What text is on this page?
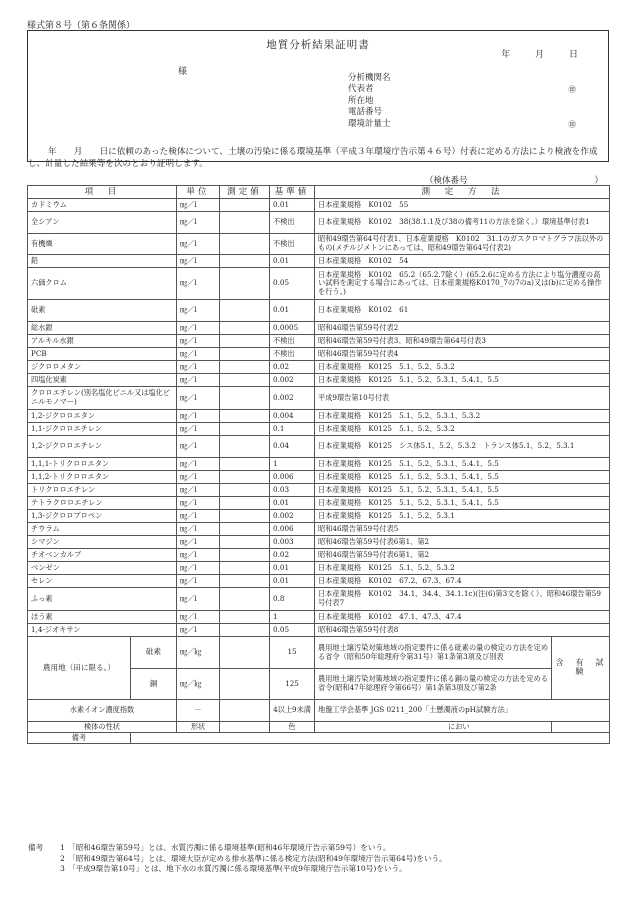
様式第８号（第６条関係）
地質分析結果証明書
年	月	日
様
分析機関名
代表者	㊞
所在地
電話番号
環境計量士	㊞
年　　月　　日に依頼のあった検体について、土壌の汚染に係る環境基準（平成３年環境庁告示第４６号）付表に定める方法により検液を作成し、計量した結果等を次のとおり証明します。
（検体番号	）
項　目		単位	測定値	基準値	測　定　方　法	
カドミウム		㎎／l		0.01	日本産業規格　K0102　55	
全シアン		㎎／l		不検出	日本産業規格　K0102　38(38.1.1及び38の備考11の方法を除く。）環境基準付表1	
有機燐		㎎／l		不検出	昭和49環告第64号付表1、日本産業規格　K0102　31.1のガスクロマトグラフ法以外のもの(メチルジメトンにあっては、昭和49環告第64号付表2)	
鉛		㎎／l		0.01	日本産業規格　K0102　54	
六価クロム		㎎／l		0.05	日本産業規格　K0102　65.2（65.2.7除く）(65.2.6に定める方法により塩分濃度の高い試料を測定する場合にあっては、日本産業規格K0170_7の7のa)又は(b)に定める操作を行う。)	
砒素		㎎／l		0.01	日本産業規格　K0102　61	
総水銀		㎎／l		0.0005	昭和46環告第59号付表2	
アルキル水銀		㎎／l		不検出	昭和46環告第59号付表3、昭和49環告第64号付表3	
PCB		㎎／l		不検出	昭和46環告第59号付表4	
ジクロロメタン		㎎／l		0.02	日本産業規格　K0125　5.1、5.2、5.3.2	
四塩化炭素		㎎／l		0.002	日本産業規格　K0125　5.1、5.2、5.3.1、5.4.1、5.5	
クロロエチレン(別名塩化ビニル又は塩化ビニルモノマー)		㎎／l		0.002	平成9環告第10号付表	
1,2-ジクロロエタン		㎎／l		0.004	日本産業規格　K0125　5.1、5.2、5.3.1、5.3.2	
1,1-ジクロロエチレン		㎎／l		0.1	日本産業規格　K0125　5.1、5.2、5.3.2	
1,2-ジクロロエチレン		㎎／l		0.04	日本産業規格　K0125　シス体5.1、5.2、5.3.2　トランス体5.1、5.2、5.3.1	
1,1,1-トリクロロエタン		㎎／l		1	日本産業規格　K0125　5.1、5.2、5.3.1、5.4.1、5.5	
1,1,2-トリクロロエタン		㎎／l		0.006	日本産業規格　K0125　5.1、5.2、5.3.1、5.4.1、5.5	
トリクロロエチレン		㎎／l		0.03	日本産業規格　K0125　5.1、5.2、5.3.1、5.4.1、5.5	
テトラクロロエチレン		㎎／l		0.01	日本産業規格　K0125　5.1、5.2、5.3.1、5.4.1、5.5	
1,3-ジクロロプロペン		㎎／l		0.002	日本産業規格　K0125　5.1、5.2、5.3.1	
チウラム		㎎／l		0.006	昭和46環告第59号付表5	
シマジン		㎎／l		0.003	昭和46環告第59号付表6第1、第2	
チオベンカルブ		㎎／l		0.02	昭和46環告第59号付表6第1、第2	
ベンゼン		㎎／l		0.01	日本産業規格　K0125　5.1、5.2、5.3.2	
セレン		㎎／l		0.01	日本産業規格　K0102　67.2、67.3、67.4	
ふっ素		㎎／l		0.8	日本産業規格　K0102　34.1、34.4、34.1.1c)(注(6)第3文を除く）、昭和46環告第59号付表7	
ほう素		㎎／l		1	日本産業規格　K0102　47.1、47.3、47.4	
1,4-ジオキサン		㎎／l		0.05	昭和46環告第59号付表8	
農用地（田に限る。）	砒素	㎎／㎏		15	農用地土壌汚染対策地域の指定要件に係る砒素の量の検定の方法を定める省令（昭和50年総理府令第31号）第1条第3項及び別表	含　有　試　験
	銅	㎎／㎏		125	農用地土壌汚染対策地域の指定要件に係る銅の量の検定の方法を定める省令(昭和47年総理府令第66号）第1条第3項及び第2条	
水素イオン濃度指数		－		4以上9未満	地盤工学会基準 JGS 0211_200「土懸濁液のpH試験方法」	
検体の性状		形状		色	におい	
備考						
備考 1 「昭和46環告第59号」とは、水質汚濁に係る環境基準(昭和46年環境庁告示第59号）をいう。
2 「昭和49環告第64号」とは、環境大臣が定める排水基準に係る検定方法(昭和49年環境庁告示第64号)をいう。
3 「平成9環告第10号」とは、地下水の水質汚濁に係る環境基準(平成9年環境庁告示第10号)をいう。
